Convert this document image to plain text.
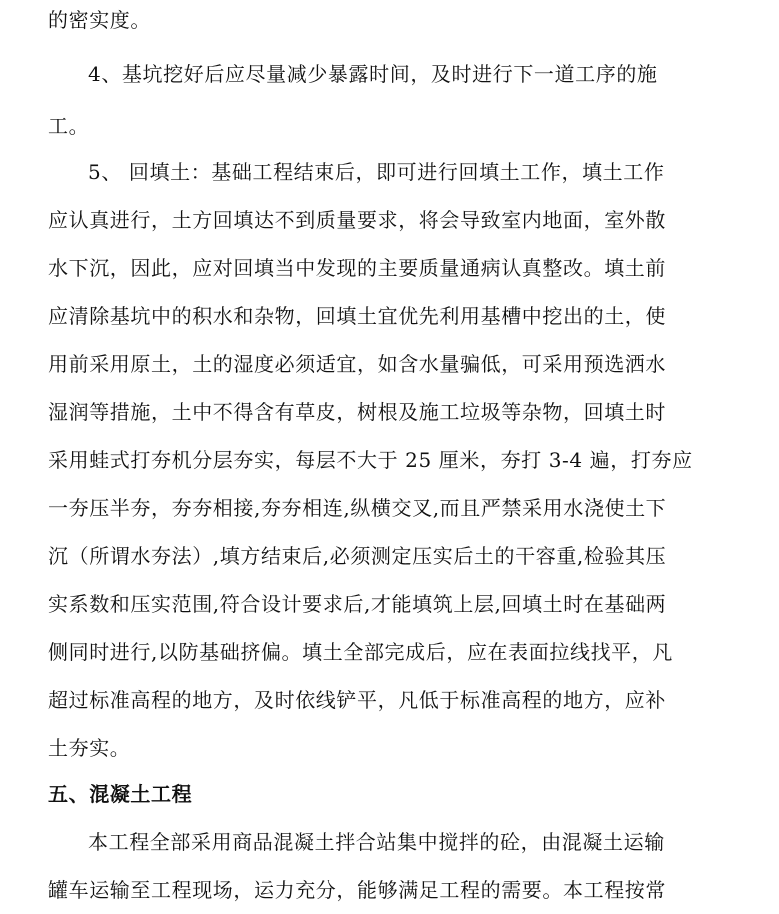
的密实度。
4、基坑挖好后应尽量减少暴露时间，及时进行下一道工序的施
工。
5、 回填土：基础工程结束后，即可进行回填土工作，填土工作
应认真进行，土方回填达不到质量要求，将会导致室内地面，室外散
水下沉，因此，应对回填当中发现的主要质量通病认真整改。填土前
应清除基坑中的积水和杂物，回填土宜优先利用基槽中挖出的土，使
用前采用原土，土的湿度必须适宜，如含水量骗低，可采用预选洒水
湿润等措施，土中不得含有草皮，树根及施工垃圾等杂物，回填土时
采用蛙式打夯机分层夯实，每层不大于 25 厘米，夯打 3-4 遍，打夯应
一夯压半夯，夯夯相接,夯夯相连,纵横交叉,而且严禁采用水浇使土下
沉（所谓水夯法）,填方结束后,必须测定压实后土的干容重,检验其压
实系数和压实范围,符合设计要求后,才能填筑上层,回填土时在基础两
侧同时进行,以防基础挤偏。填土全部完成后，应在表面拉线找平，凡
超过标准高程的地方，及时依线铲平，凡低于标准高程的地方，应补
土夯实。
五、混凝土工程
本工程全部采用商品混凝土拌合站集中搅拌的砼，由混凝土运输
罐车运输至工程现场，运力充分，能够满足工程的需要。本工程按常
